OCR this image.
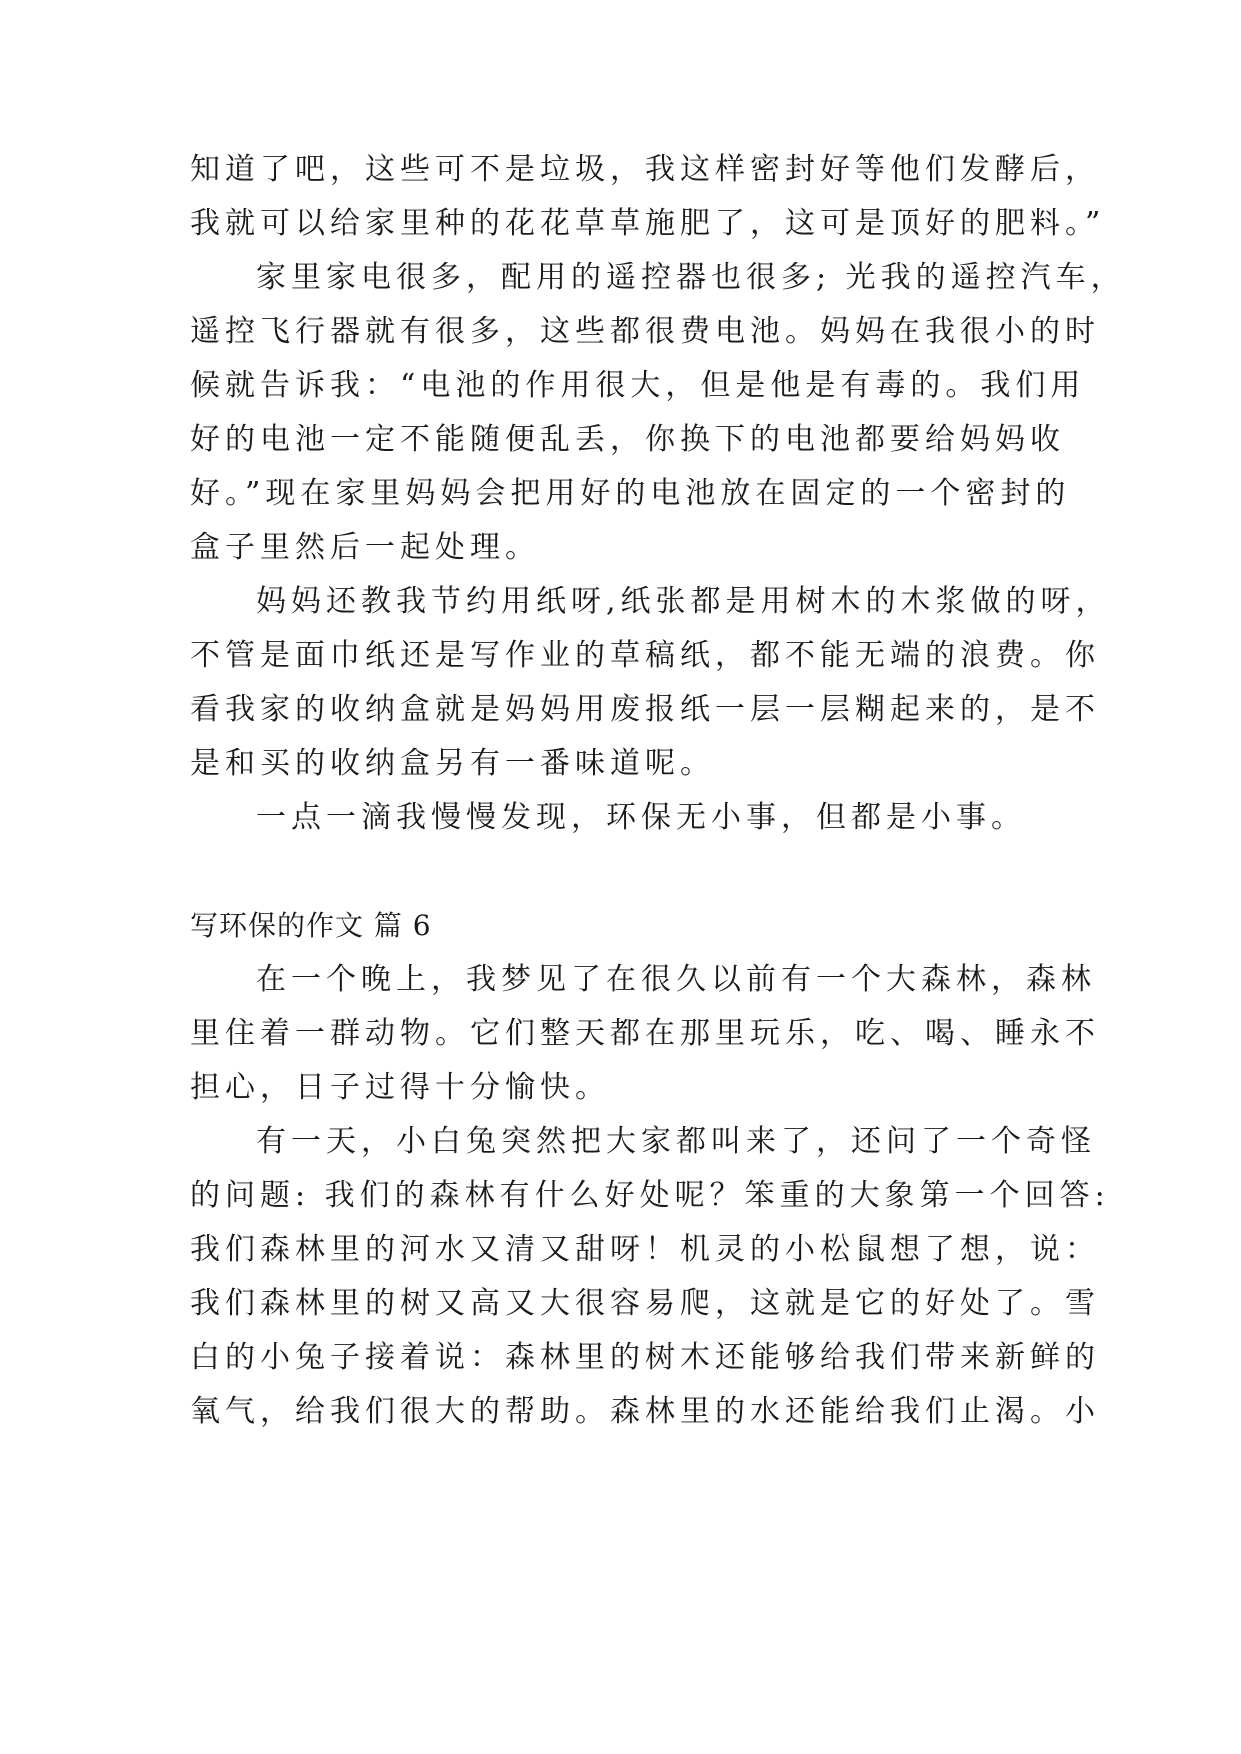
知道了吧，这些可不是垃圾，我这样密封好等他们发酵后，
我就可以给家里种的花花草草施肥了，这可是顶好的肥料。”
家里家电很多，配用的遥控器也很多; 光我的遥控汽车，
遥控飞行器就有很多，这些都很费电池。妈妈在我很小的时
候就告诉我：“电池的作用很大，但是他是有毒的。我们用
好的电池一定不能随便乱丢，你换下的电池都要给妈妈收
好。”现在家里妈妈会把用好的电池放在固定的一个密封的
盒子里然后一起处理。
妈妈还教我节约用纸呀,纸张都是用树木的木浆做的呀，
不管是面巾纸还是写作业的草稿纸，都不能无端的浪费。你
看我家的收纳盒就是妈妈用废报纸一层一层糊起来的，是不
是和买的收纳盒另有一番味道呢。
一点一滴我慢慢发现，环保无小事，但都是小事。
写环保的作文 篇 6
在一个晚上，我梦见了在很久以前有一个大森林，森林
里住着一群动物。它们整天都在那里玩乐，吃、喝、睡永不
担心，日子过得十分愉快。
有一天，小白兔突然把大家都叫来了，还问了一个奇怪
的问题: 我们的森林有什么好处呢？笨重的大象第一个回答:
我们森林里的河水又清又甜呀！机灵的小松鼠想了想，说：
我们森林里的树又高又大很容易爬，这就是它的好处了。雪
白的小兔子接着说：森林里的树木还能够给我们带来新鲜的
氧气，给我们很大的帮助。森林里的水还能给我们止渴。小
